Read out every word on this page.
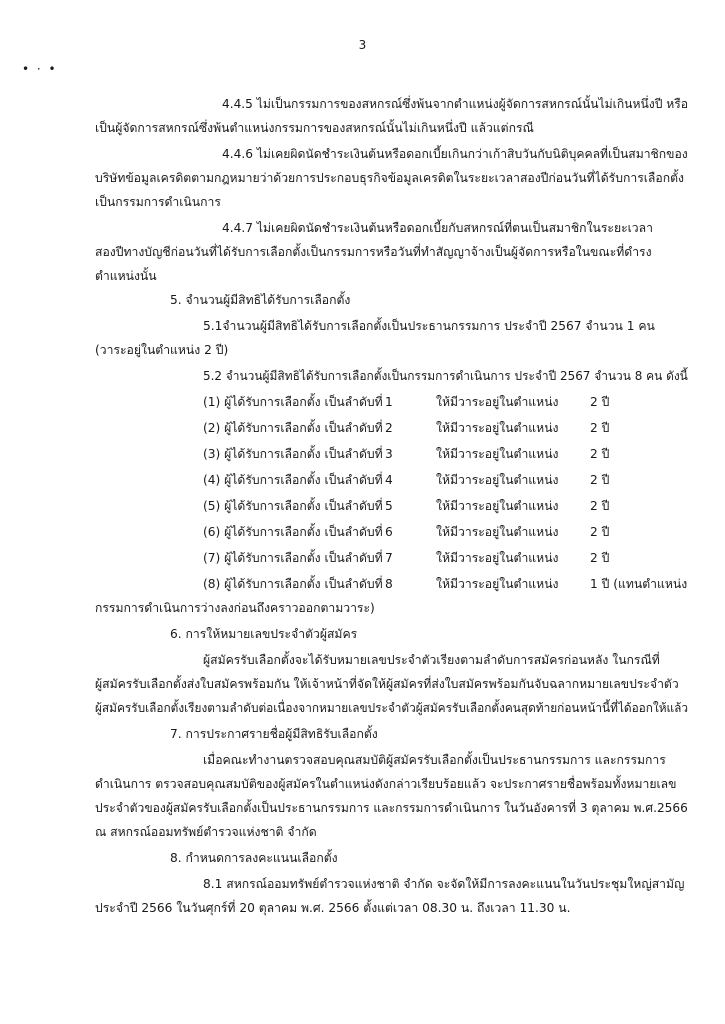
3
• · •
4.4.5 ไม่เป็นกรรมการของสหกรณ์ซึ่งพ้นจากตำแหน่งผู้จัดการสหกรณ์นั้นไม่เกินหนึ่งปี หรือ
เป็นผู้จัดการสหกรณ์ซึ่งพ้นตำแหน่งกรรมการของสหกรณ์นั้นไม่เกินหนึ่งปี แล้วแต่กรณี
4.4.6 ไม่เคยผิดนัดชำระเงินต้นหรือดอกเบี้ยเกินกว่าเก้าสิบวันกับนิติบุคคลที่เป็นสมาชิกของ
บริษัทข้อมูลเครดิตตามกฎหมายว่าด้วยการประกอบธุรกิจข้อมูลเครดิตในระยะเวลาสองปีก่อนวันที่ได้รับการเลือกตั้ง
เป็นกรรมการดำเนินการ
4.4.7 ไม่เคยผิดนัดชำระเงินต้นหรือดอกเบี้ยกับสหกรณ์ที่ตนเป็นสมาชิกในระยะเวลา
สองปีทางบัญชีก่อนวันที่ได้รับการเลือกตั้งเป็นกรรมการหรือวันที่ทำสัญญาจ้างเป็นผู้จัดการหรือในขณะที่ดำรง
ตำแหน่งนั้น
5. จำนวนผู้มีสิทธิได้รับการเลือกตั้ง
5.1จำนวนผู้มีสิทธิได้รับการเลือกตั้งเป็นประธานกรรมการ ประจำปี 2567 จำนวน 1 คน
(วาระอยู่ในตำแหน่ง 2 ปี)
5.2 จำนวนผู้มีสิทธิได้รับการเลือกตั้งเป็นกรรมการดำเนินการ ประจำปี 2567 จำนวน 8 คน ดังนี้
(1) ผู้ได้รับการเลือกตั้ง เป็นลำดับที่ 1	ให้มีวาระอยู่ในตำแหน่ง	2 ปี
(2) ผู้ได้รับการเลือกตั้ง เป็นลำดับที่ 2	ให้มีวาระอยู่ในตำแหน่ง	2 ปี
(3) ผู้ได้รับการเลือกตั้ง เป็นลำดับที่ 3	ให้มีวาระอยู่ในตำแหน่ง	2 ปี
(4) ผู้ได้รับการเลือกตั้ง เป็นลำดับที่ 4	ให้มีวาระอยู่ในตำแหน่ง	2 ปี
(5) ผู้ได้รับการเลือกตั้ง เป็นลำดับที่ 5	ให้มีวาระอยู่ในตำแหน่ง	2 ปี
(6) ผู้ได้รับการเลือกตั้ง เป็นลำดับที่ 6	ให้มีวาระอยู่ในตำแหน่ง	2 ปี
(7) ผู้ได้รับการเลือกตั้ง เป็นลำดับที่ 7	ให้มีวาระอยู่ในตำแหน่ง	2 ปี
(8) ผู้ได้รับการเลือกตั้ง เป็นลำดับที่ 8	ให้มีวาระอยู่ในตำแหน่ง	1 ปี (แทนตำแหน่ง
กรรมการดำเนินการว่างลงก่อนถึงคราวออกตามวาระ)
6. การให้หมายเลขประจำตัวผู้สมัคร
ผู้สมัครรับเลือกตั้งจะได้รับหมายเลขประจำตัวเรียงตามลำดับการสมัครก่อนหลัง ในกรณีที่
ผู้สมัครรับเลือกตั้งส่งใบสมัครพร้อมกัน ให้เจ้าหน้าที่จัดให้ผู้สมัครที่ส่งใบสมัครพร้อมกันจับฉลากหมายเลขประจำตัว
ผู้สมัครรับเลือกตั้งเรียงตามลำดับต่อเนื่องจากหมายเลขประจำตัวผู้สมัครรับเลือกตั้งคนสุดท้ายก่อนหน้านี้ที่ได้ออกให้แล้ว
7. การประกาศรายชื่อผู้มีสิทธิรับเลือกตั้ง
เมื่อคณะทำงานตรวจสอบคุณสมบัติผู้สมัครรับเลือกตั้งเป็นประธานกรรมการ และกรรมการ
ดำเนินการ ตรวจสอบคุณสมบัติของผู้สมัครในตำแหน่งดังกล่าวเรียบร้อยแล้ว จะประกาศรายชื่อพร้อมทั้งหมายเลข
ประจำตัวของผู้สมัครรับเลือกตั้งเป็นประธานกรรมการ และกรรมการดำเนินการ ในวันอังคารที่ 3 ตุลาคม พ.ศ.2566
ณ สหกรณ์ออมทรัพย์ตำรวจแห่งชาติ จำกัด
8. กำหนดการลงคะแนนเลือกตั้ง
8.1 สหกรณ์ออมทรัพย์ตำรวจแห่งชาติ จำกัด จะจัดให้มีการลงคะแนนในวันประชุมใหญ่สามัญ
ประจำปี 2566 ในวันศุกร์ที่ 20 ตุลาคม พ.ศ. 2566 ตั้งแต่เวลา 08.30 น. ถึงเวลา 11.30 น.
